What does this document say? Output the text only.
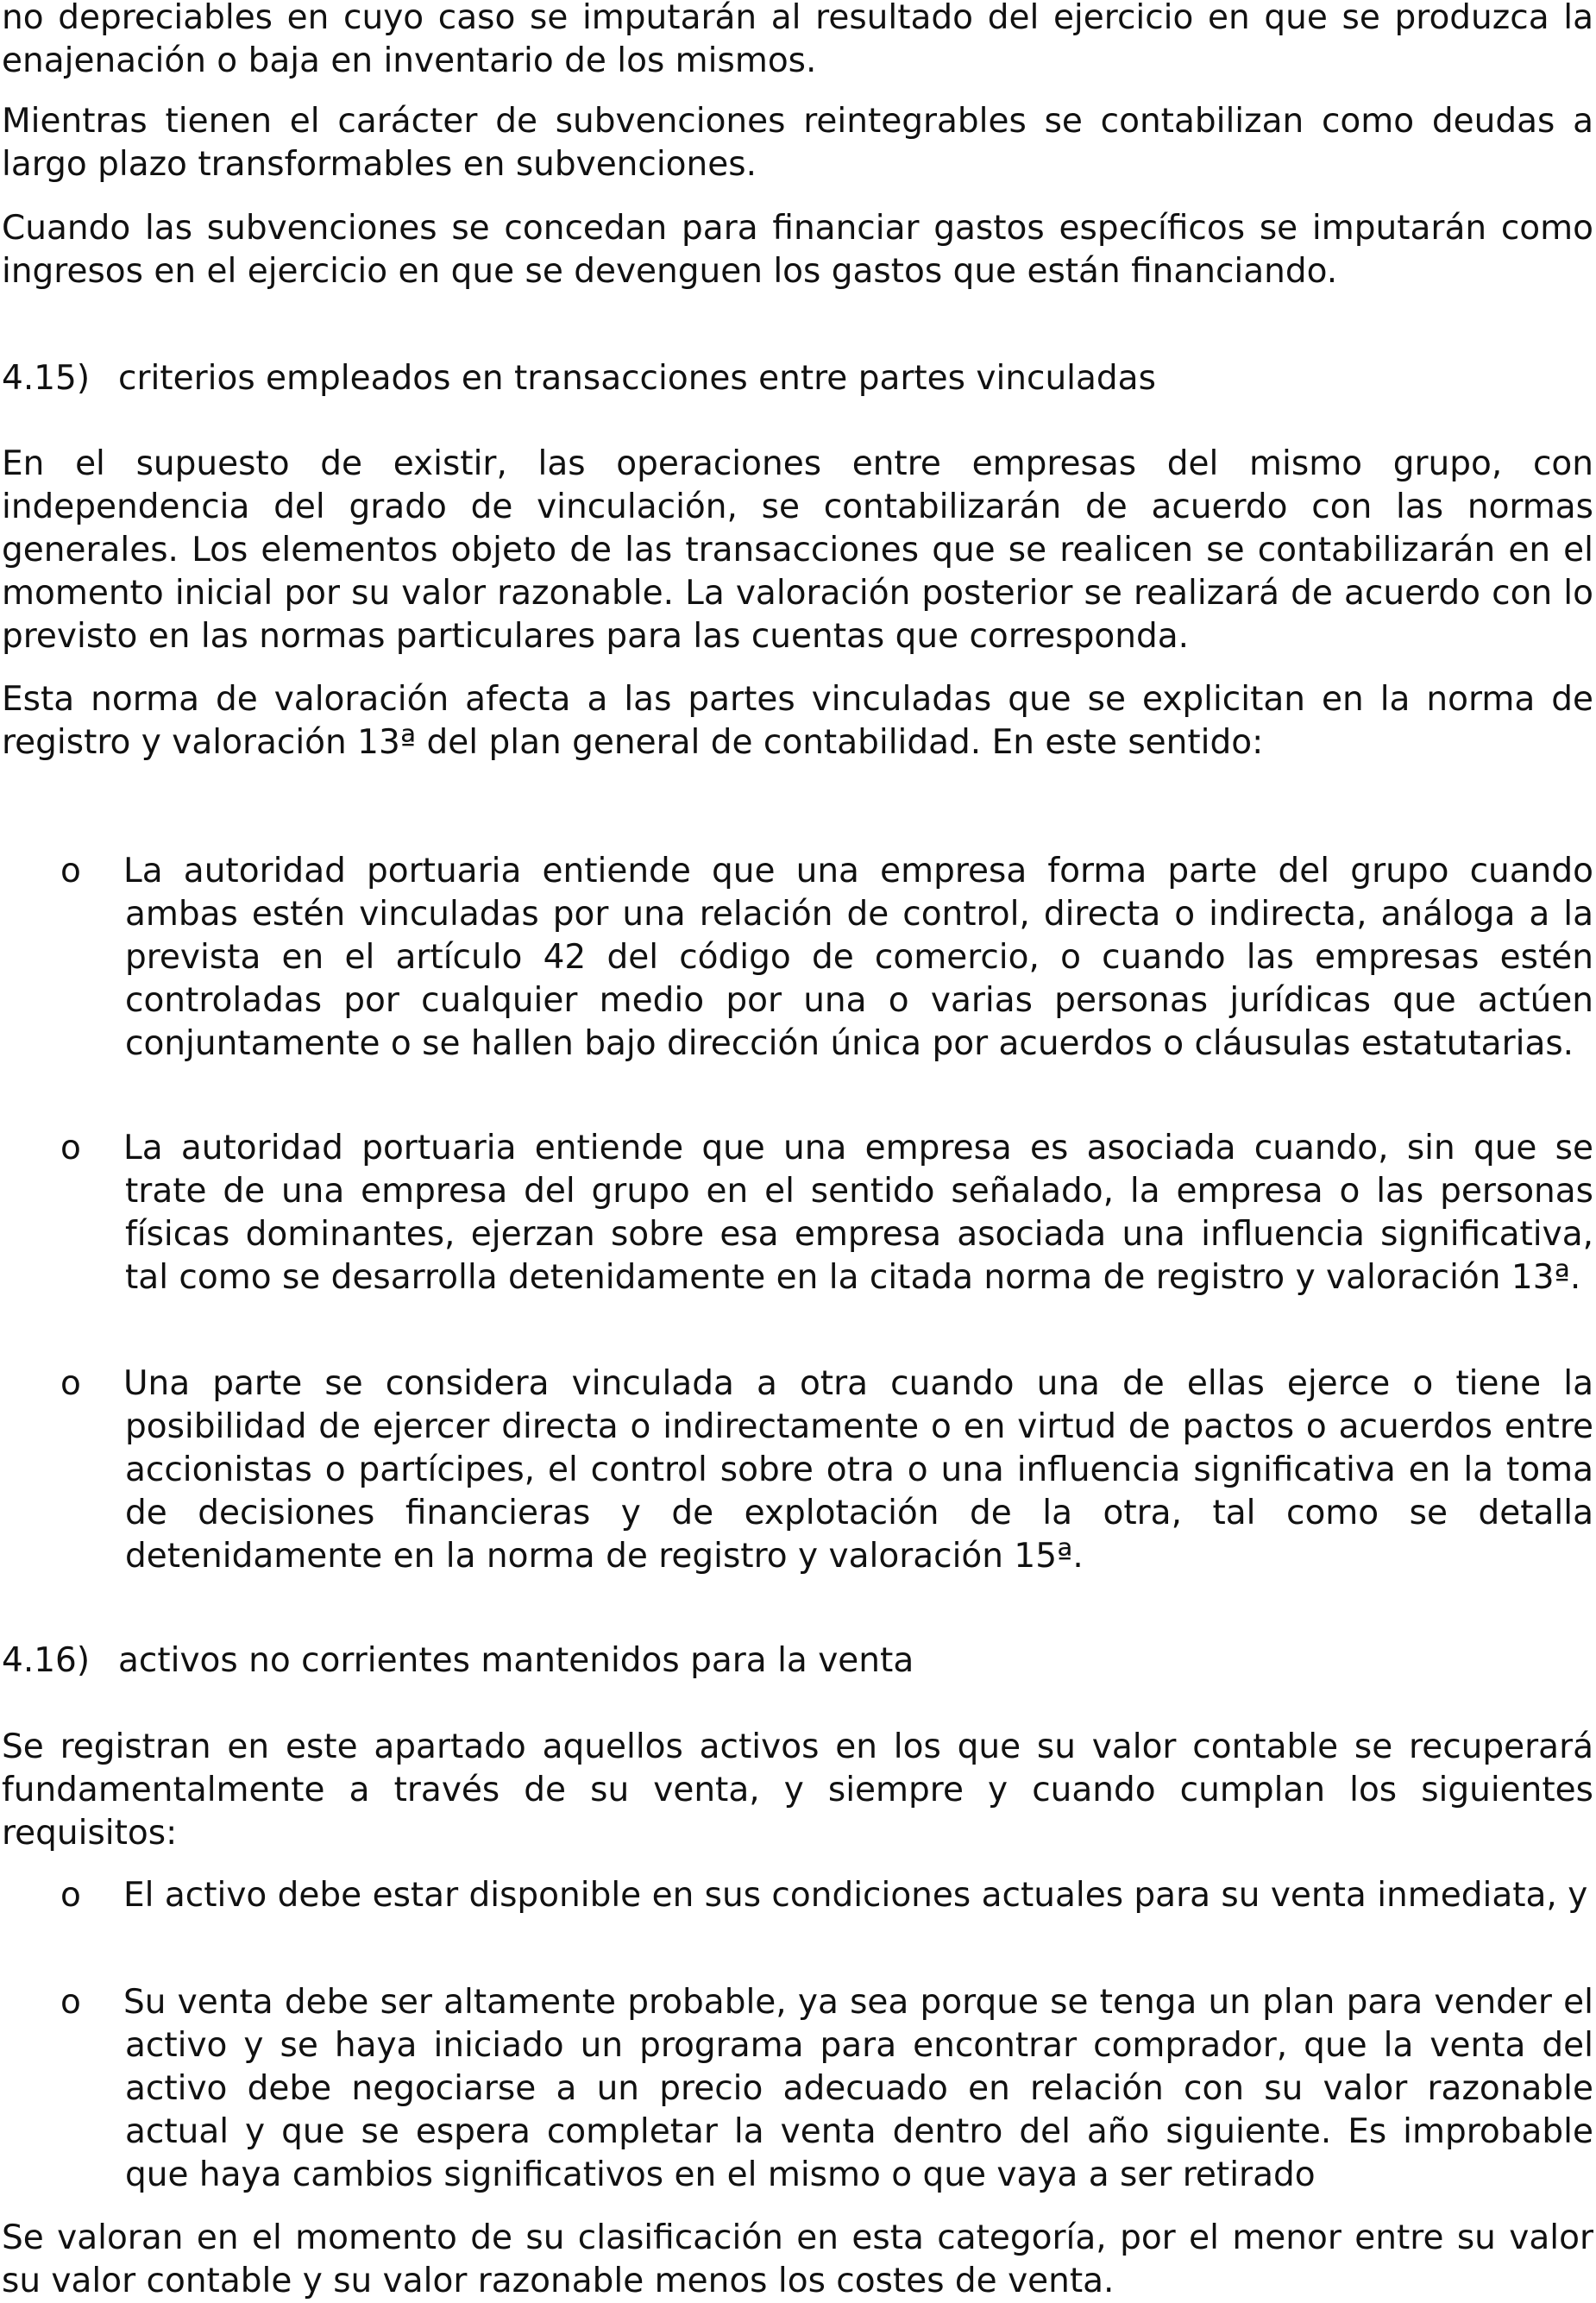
no depreciables en cuyo caso se imputarán al resultado del ejercicio en que se produzca la enajenación o baja en inventario de los mismos.

Mientras tienen el carácter de subvenciones reintegrables se contabilizan como deudas a largo plazo transformables en subvenciones.

Cuando las subvenciones se concedan para financiar gastos específicos se imputarán como ingresos en el ejercicio en que se devenguen los gastos que están financiando.

4.15) criterios empleados en transacciones entre partes vinculadas

En el supuesto de existir, las operaciones entre empresas del mismo grupo, con independencia del grado de vinculación, se contabilizarán de acuerdo con las normas generales. Los elementos objeto de las transacciones que se realicen se contabilizarán en el momento inicial por su valor razonable. La valoración posterior se realizará de acuerdo con lo previsto en las normas particulares para las cuentas que corresponda.

Esta norma de valoración afecta a las partes vinculadas que se explicitan en la norma de registro y valoración 13ª del plan general de contabilidad. En este sentido:

o La autoridad portuaria entiende que una empresa forma parte del grupo cuando ambas estén vinculadas por una relación de control, directa o indirecta, análoga a la prevista en el artículo 42 del código de comercio, o cuando las empresas estén controladas por cualquier medio por una o varias personas jurídicas que actúen conjuntamente o se hallen bajo dirección única por acuerdos o cláusulas estatutarias.

o La autoridad portuaria entiende que una empresa es asociada cuando, sin que se trate de una empresa del grupo en el sentido señalado, la empresa o las personas físicas dominantes, ejerzan sobre esa empresa asociada una influencia significativa, tal como se desarrolla detenidamente en la citada norma de registro y valoración 13ª.

o Una parte se considera vinculada a otra cuando una de ellas ejerce o tiene la posibilidad de ejercer directa o indirectamente o en virtud de pactos o acuerdos entre accionistas o partícipes, el control sobre otra o una influencia significativa en la toma de decisiones financieras y de explotación de la otra, tal como se detalla detenidamente en la norma de registro y valoración 15ª.

4.16) activos no corrientes mantenidos para la venta

Se registran en este apartado aquellos activos en los que su valor contable se recuperará fundamentalmente a través de su venta, y siempre y cuando cumplan los siguientes requisitos:

o El activo debe estar disponible en sus condiciones actuales para su venta inmediata, y

o Su venta debe ser altamente probable, ya sea porque se tenga un plan para vender el activo y se haya iniciado un programa para encontrar comprador, que la venta del activo debe negociarse a un precio adecuado en relación con su valor razonable actual y que se espera completar la venta dentro del año siguiente. Es improbable que haya cambios significativos en el mismo o que vaya a ser retirado

Se valoran en el momento de su clasificación en esta categoría, por el menor entre su valor su valor contable y su valor razonable menos los costes de venta.
